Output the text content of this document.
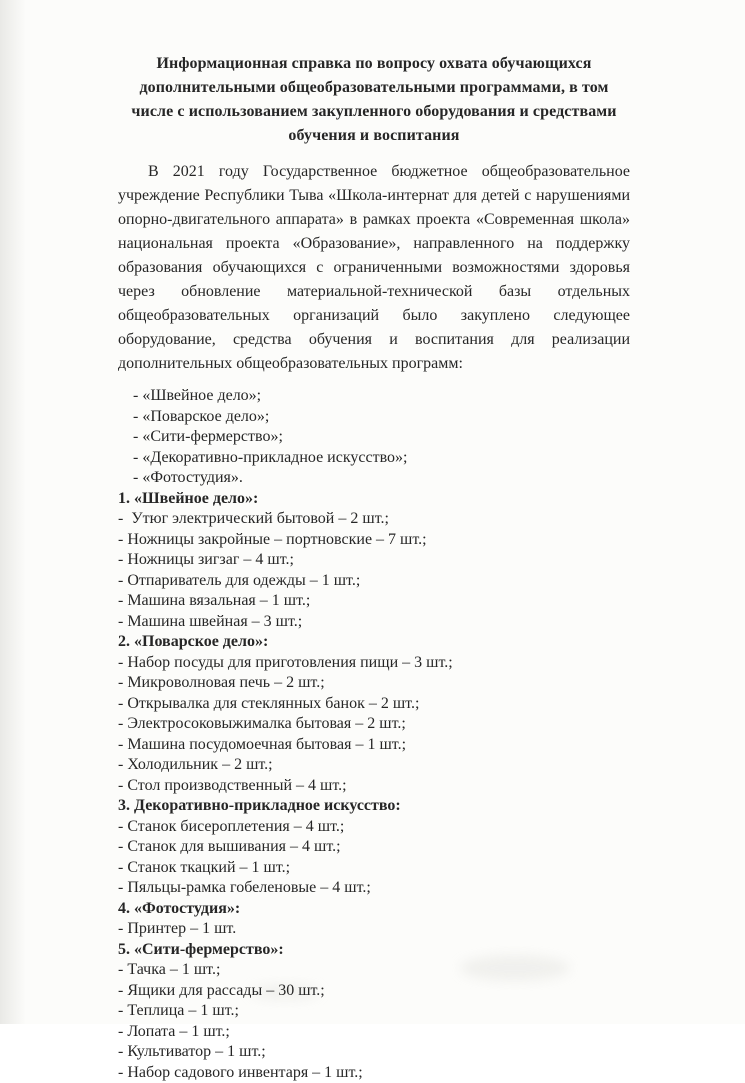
Информационная справка по вопросу охвата обучающихся дополнительными общеобразовательными программами, в том числе с использованием закупленного оборудования и средствами обучения и воспитания
В 2021 году Государственное бюджетное общеобразовательное учреждение Республики Тыва «Школа-интернат для детей с нарушениями опорно-двигательного аппарата» в рамках проекта «Современная школа» национальная проекта «Образование», направленного на поддержку образования обучающихся с ограниченными возможностями здоровья через обновление материальной-технической базы отдельных общеобразовательных организаций было закуплено следующее оборудование, средства обучения и воспитания для реализации дополнительных общеобразовательных программ:
- «Швейное дело»;
- «Поварское дело»;
- «Сити-фермерство»;
- «Декоративно-прикладное искусство»;
- «Фотостудия».
1. «Швейное дело»:
-  Утюг электрический бытовой – 2 шт.;
- Ножницы закройные – портновские – 7 шт.;
- Ножницы зигзаг – 4 шт.;
- Отпариватель для одежды – 1 шт.;
- Машина вязальная – 1 шт.;
- Машина швейная – 3 шт.;
2. «Поварское дело»:
- Набор посуды для приготовления пищи – 3 шт.;
- Микроволновая печь – 2 шт.;
- Открывалка для стеклянных банок – 2 шт.;
- Электросоковыжималка бытовая – 2 шт.;
- Машина посудомоечная бытовая – 1 шт.;
- Холодильник – 2 шт.;
- Стол производственный – 4 шт.;
3. Декоративно-прикладное искусство:
- Станок бисероплетения – 4 шт.;
- Станок для вышивания – 4 шт.;
- Станок ткацкий – 1 шт.;
- Пяльцы-рамка гобеленовые – 4 шт.;
4. «Фотостудия»:
- Принтер – 1 шт.
5. «Сити-фермерство»:
- Тачка – 1 шт.;
- Ящики для рассады – 30 шт.;
- Теплица – 1 шт.;
- Лопата – 1 шт.;
- Культиватор – 1 шт.;
- Набор садового инвентаря – 1 шт.;
